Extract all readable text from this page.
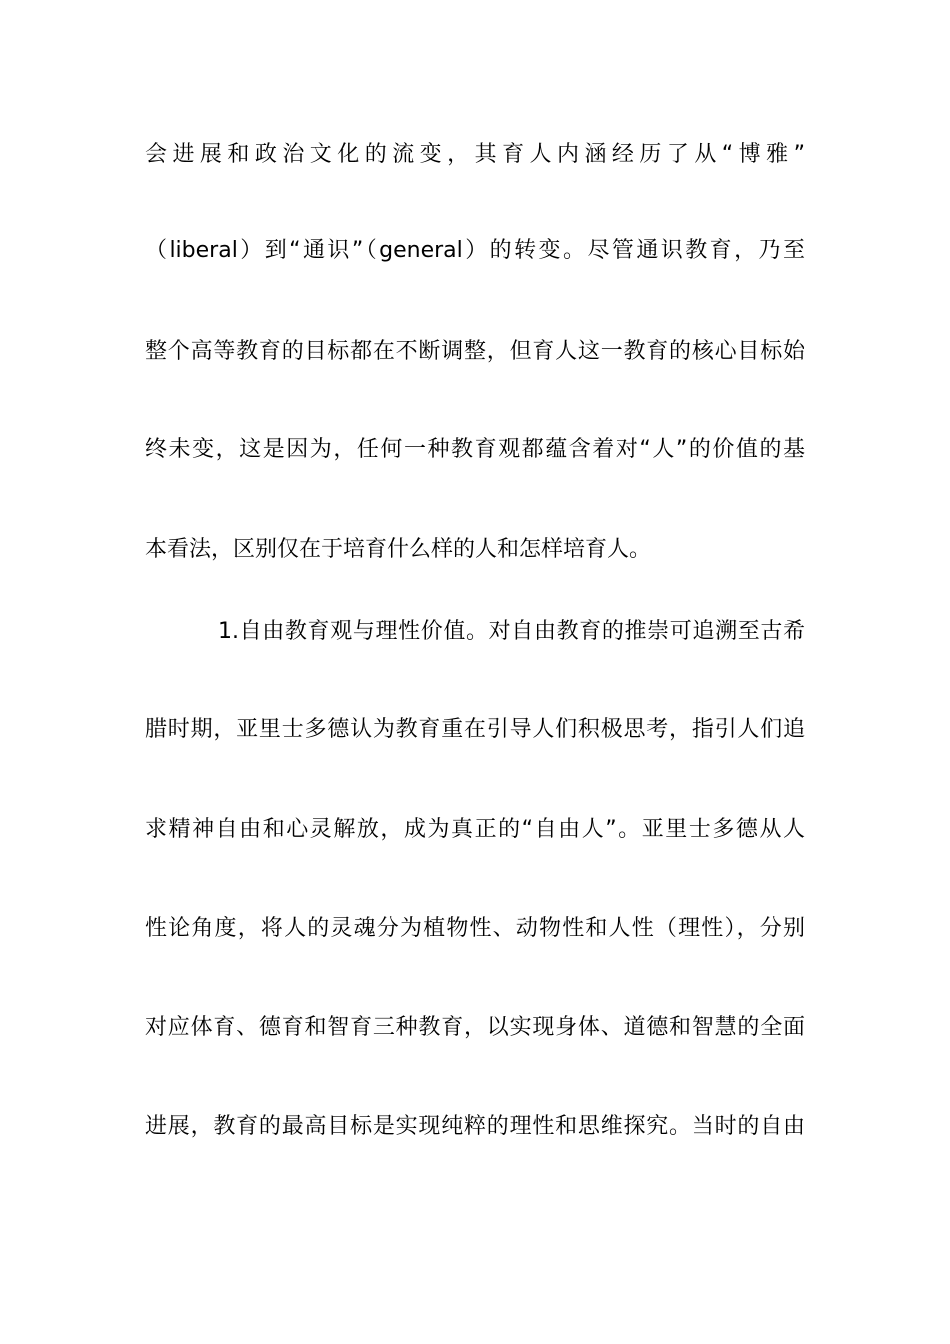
会进展和政治文化的流变，其育人内涵经历了从“博雅”
（liberal）到“通识”（general）的转变。尽管通识教育，乃至
整个高等教育的目标都在不断调整，但育人这一教育的核心目标始
终未变，这是因为，任何一种教育观都蕴含着对“人”的价值的基
本看法，区别仅在于培育什么样的人和怎样培育人。
1.自由教育观与理性价值。对自由教育的推崇可追溯至古希
腊时期，亚里士多德认为教育重在引导人们积极思考，指引人们追
求精神自由和心灵解放，成为真正的“自由人”。亚里士多德从人
性论角度，将人的灵魂分为植物性、动物性和人性（理性），分别
对应体育、德育和智育三种教育，以实现身体、道德和智慧的全面
进展，教育的最高目标是实现纯粹的理性和思维探究。当时的自由
